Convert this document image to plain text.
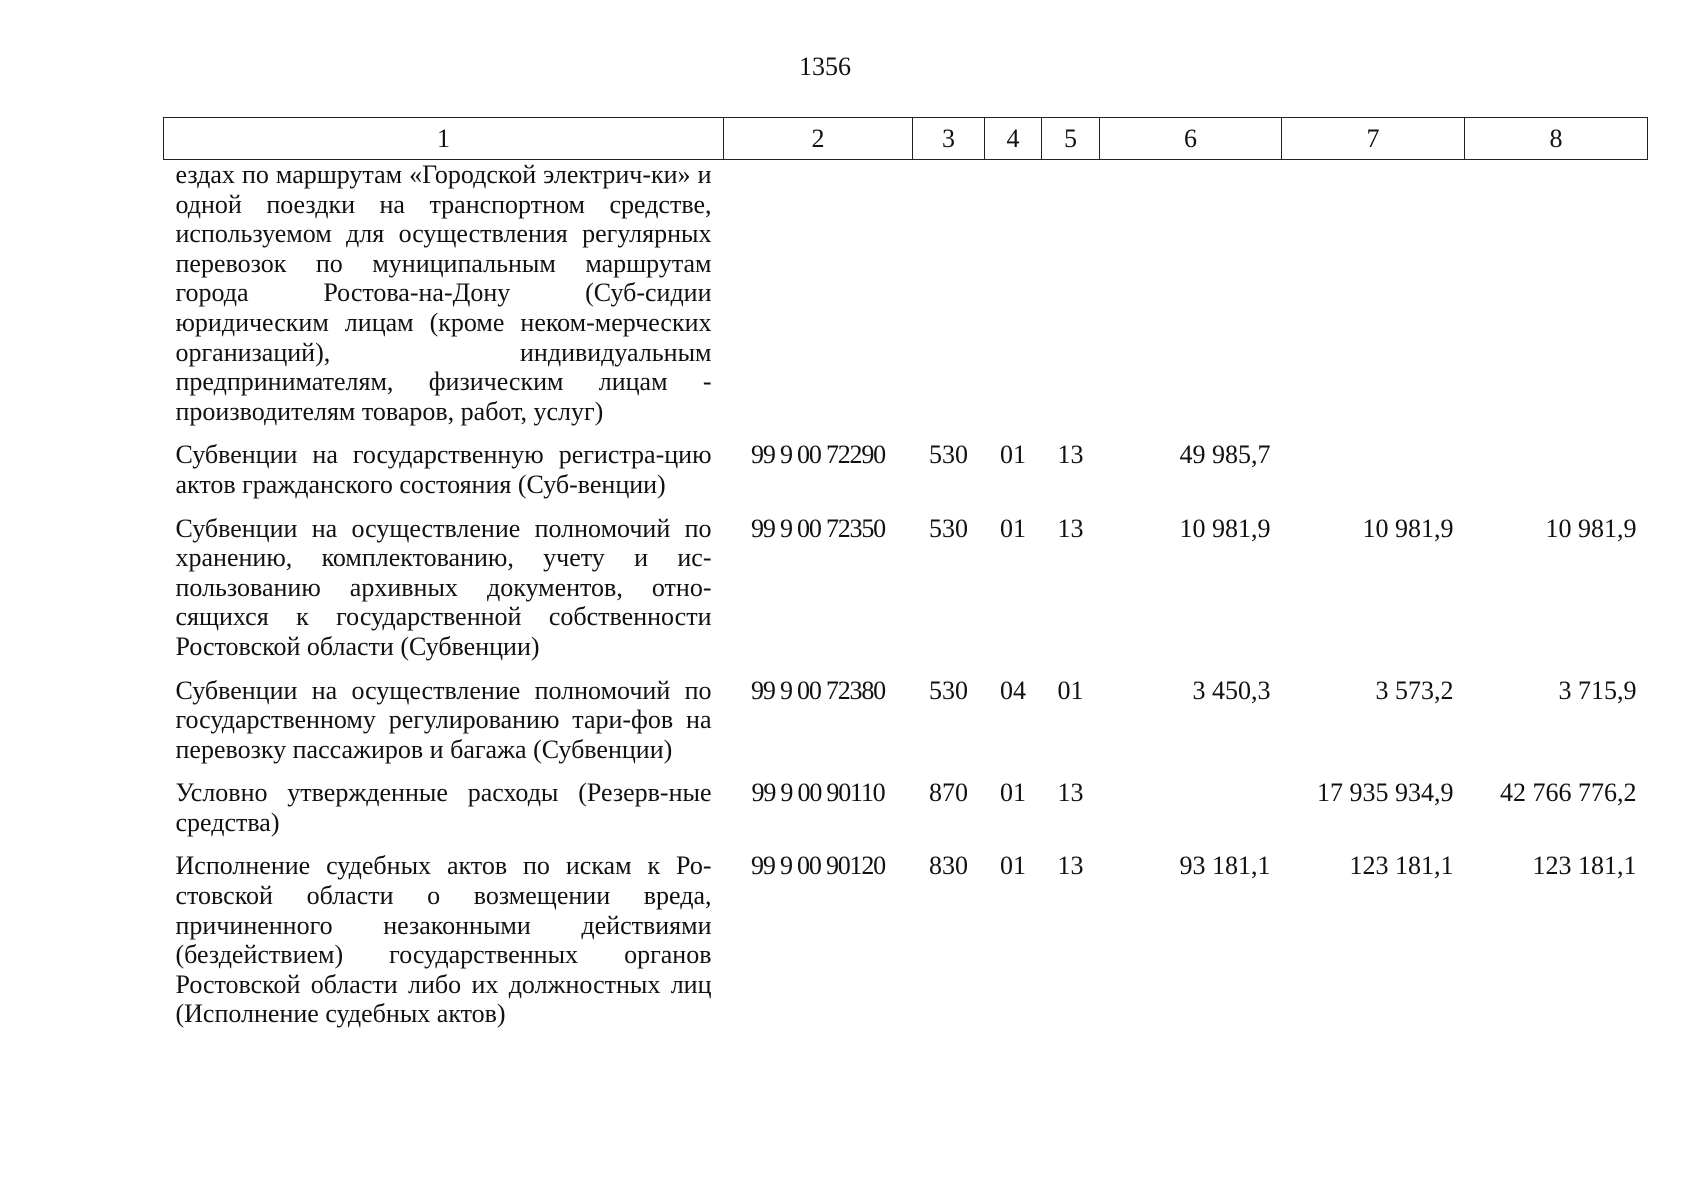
1356
1	2	3	4	5	6	7	8
ездах по маршрутам «Городской электрич-ки» и одной поездки на транспортном средстве, используемом для осуществления регулярных перевозок по муниципальным маршрутам города Ростова-на-Дону (Суб-сидии юридическим лицам (кроме неком-мерческих организаций), индивидуальным предпринимателям, физическим лицам - производителям товаров, работ, услуг)							
Субвенции на государственную регистра-цию актов гражданского состояния (Суб-венции)	99 9 00 72290	530	01	13	49 985,7		
Субвенции на осуществление полномочий по хранению, комплектованию, учету и ис-пользованию архивных документов, отно-сящихся к государственной собственности Ростовской области (Субвенции)	99 9 00 72350	530	01	13	10 981,9	10 981,9	10 981,9
Субвенции на осуществление полномочий по государственному регулированию тари-фов на перевозку пассажиров и багажа (Субвенции)	99 9 00 72380	530	04	01	3 450,3	3 573,2	3 715,9
Условно утвержденные расходы (Резерв-ные средства)	99 9 00 90110	870	01	13		17 935 934,9	42 766 776,2
Исполнение судебных актов по искам к Ро-стовской области о возмещении вреда, причиненного незаконными действиями (бездействием) государственных органов Ростовской области либо их должностных лиц (Исполнение судебных актов)	99 9 00 90120	830	01	13	93 181,1	123 181,1	123 181,1
